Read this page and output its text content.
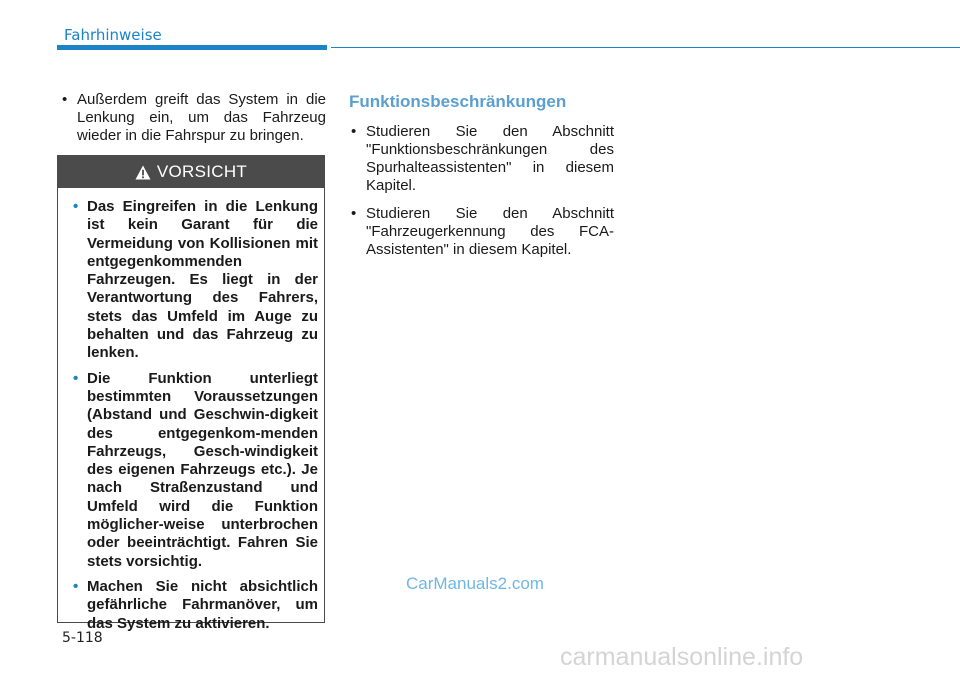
Fahrhinweise

• Außerdem greift das System in die Lenkung ein, um das Fahrzeug wieder in die Fahrspur zu bringen.

VORSICHT

• Das Eingreifen in die Lenkung ist kein Garant für die Vermeidung von Kollisionen mit entgegenkommenden Fahrzeugen. Es liegt in der Verantwortung des Fahrers, stets das Umfeld im Auge zu behalten und das Fahrzeug zu lenken.

• Die Funktion unterliegt bestimmten Voraussetzungen (Abstand und Geschwin-digkeit des entgegenkom-menden Fahrzeugs, Gesch-windigkeit des eigenen Fahrzeugs etc.). Je nach Straßenzustand und Umfeld wird die Funktion möglicher-weise unterbrochen oder beeinträchtigt. Fahren Sie stets vorsichtig.

• Machen Sie nicht absichtlich gefährliche Fahrmanöver, um das System zu aktivieren.

Funktionsbeschränkungen

• Studieren Sie den Abschnitt "Funktionsbeschränkungen des Spurhalteassistenten" in diesem Kapitel.

• Studieren Sie den Abschnitt "Fahrzeugerkennung des FCA-Assistenten" in diesem Kapitel.

5-118
CarManuals2.com
carmanualsonline.info
